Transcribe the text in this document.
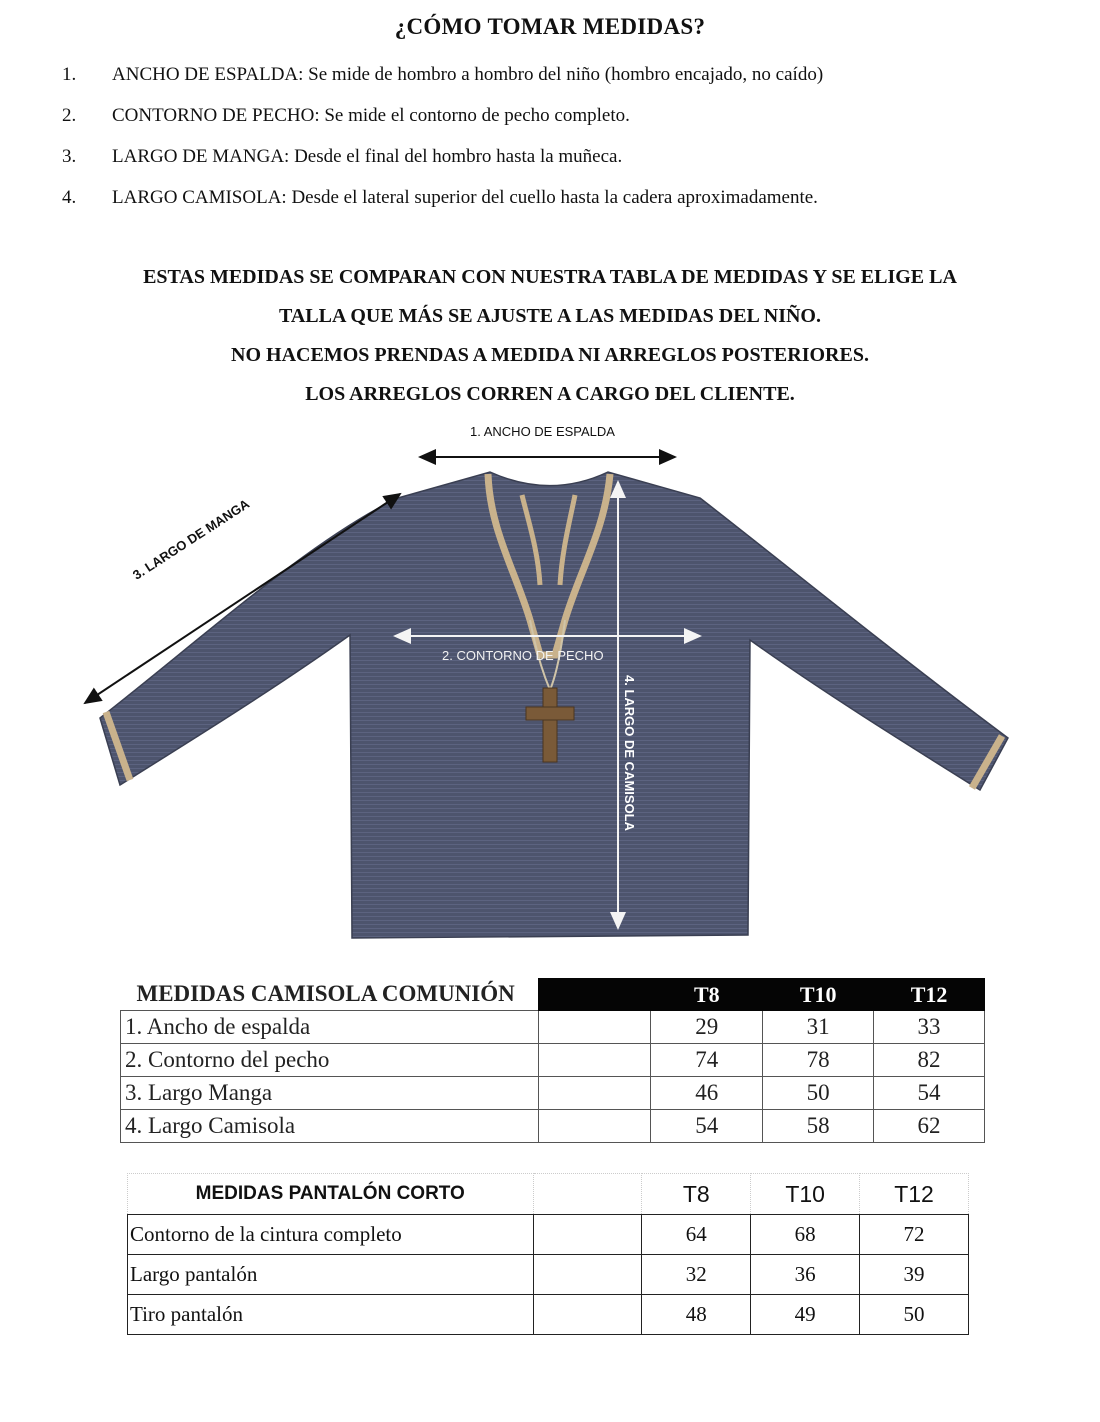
¿CÓMO TOMAR MEDIDAS?
1.	ANCHO DE ESPALDA: Se mide de hombro a hombro del niño (hombro encajado, no caído)
2.	CONTORNO DE PECHO: Se mide el contorno de pecho completo.
3.	LARGO DE MANGA: Desde el final del hombro hasta la muñeca.
4.	LARGO CAMISOLA: Desde el lateral superior del cuello hasta la cadera aproximadamente.
ESTAS MEDIDAS SE COMPARAN CON NUESTRA TABLA DE MEDIDAS Y SE ELIGE LA
TALLA QUE MÁS SE AJUSTE A LAS MEDIDAS DEL NIÑO.
NO HACEMOS PRENDAS A MEDIDA NI ARREGLOS POSTERIORES.
LOS ARREGLOS CORREN A CARGO DEL CLIENTE.
1. ANCHO DE ESPALDA
3. LARGO DE MANGA
2. CONTORNO DE PECHO
4. LARGO DE CAMISOLA
MEDIDAS CAMISOLA COMUNIÓN		T8	T10	T12
1. Ancho de espalda		29	31	33
2. Contorno del pecho		74	78	82
3. Largo Manga		46	50	54
4. Largo Camisola		54	58	62
MEDIDAS PANTALÓN CORTO		T8	T10	T12
Contorno de la cintura completo		64	68	72
Largo pantalón		32	36	39
Tiro pantalón		48	49	50
